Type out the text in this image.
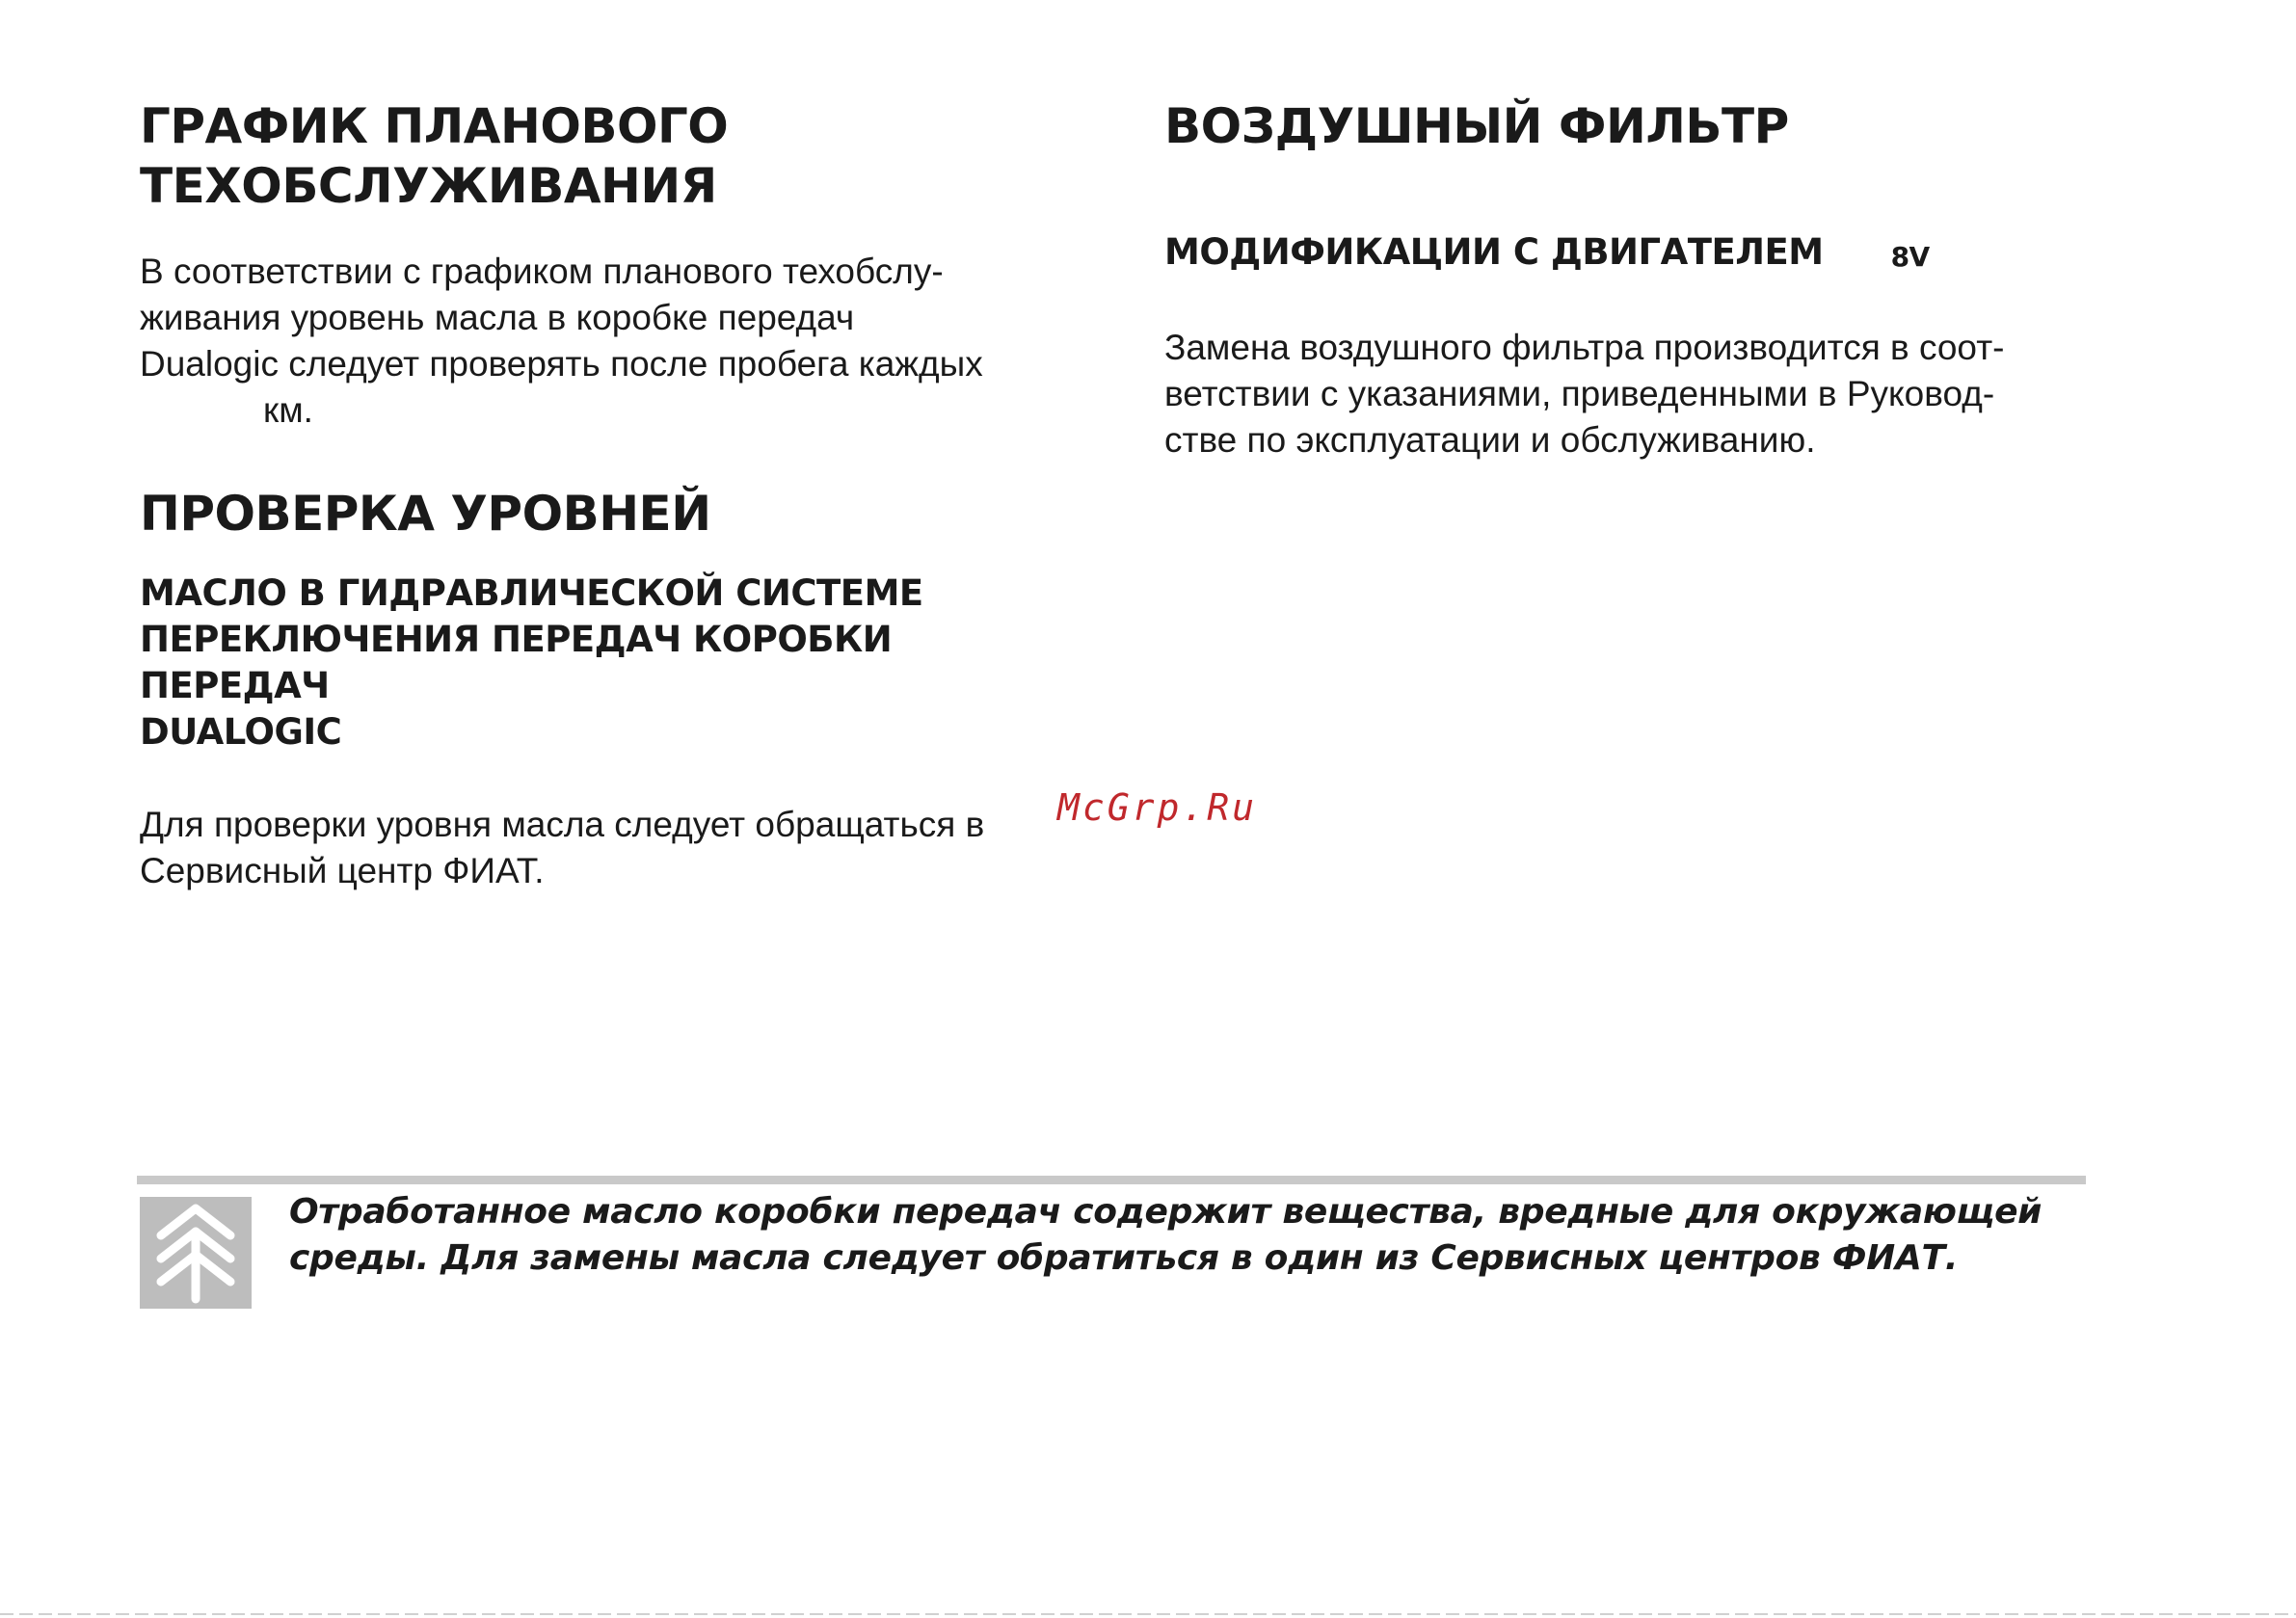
ГРАФИК ПЛАНОВОГО
ТЕХОБСЛУЖИВАНИЯ

В соответствии с графиком планового техобслу-
живания уровень масла в коробке передач
Dualogic следует проверять после пробега каждых
км.

ПРОВЕРКА УРОВНЕЙ
МАСЛО В ГИДРАВЛИЧЕСКОЙ СИСТЕМЕ
ПЕРЕКЛЮЧЕНИЯ ПЕРЕДАЧ КОРОБКИ ПЕРЕДАЧ
DUALOGIC

Для проверки уровня масла следует обращаться в
Сервисный центр ФИАТ.

ВОЗДУШНЫЙ ФИЛЬТР

МОДИФИКАЦИИ С ДВИГАТЕЛЕМ	8V

Замена воздушного фильтра производится в соот-
ветствии с указаниями, приведенными в Руковод-
стве по эксплуатации и обслуживанию.

McGrp.Ru

Отработанное масло коробки передач содержит вещества, вредные для окружающей
среды. Для замены масла следует обратиться в один из Сервисных центров ФИАТ.
